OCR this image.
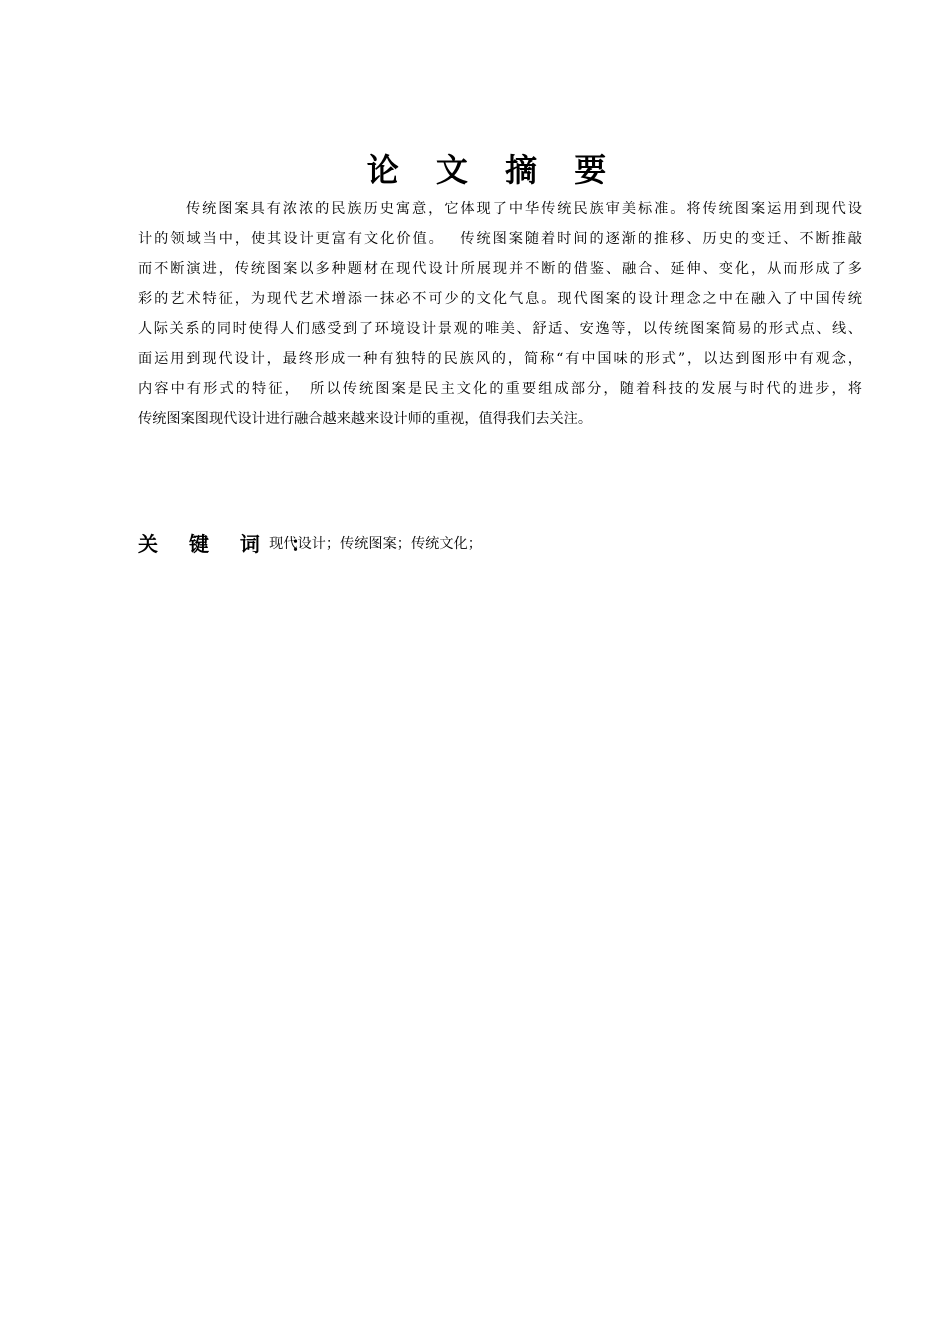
论 文 摘 要
传统图案具有浓浓的民族历史寓意，它体现了中华传统民族审美标准。将传统图案运用到现代设
计的领域当中，使其设计更富有文化价值。　 传统图案随着时间的逐渐的推移、历史的变迁、不断推敲
而不断演进，传统图案以多种题材在现代设计所展现并不断的借鉴、融合、延伸、变化，从而形成了多
彩的艺术特征，为现代艺术增添一抹必不可少的文化气息。现代图案的设计理念之中在融入了中国传统
人际关系的同时使得人们感受到了环境设计景观的唯美、舒适、安逸等，以传统图案简易的形式点、线、
面运用到现代设计，最终形成一种有独特的民族风的，简称“有中国味的形式”，以达到图形中有观念，
内容中有形式的特征，　所以传统图案是民主文化的重要组成部分，随着科技的发展与时代的进步，将
传统图案图现代设计进行融合越来越来设计师的重视，值得我们去关注。
关 键 词 ： 现代设计；传统图案；传统文化；
